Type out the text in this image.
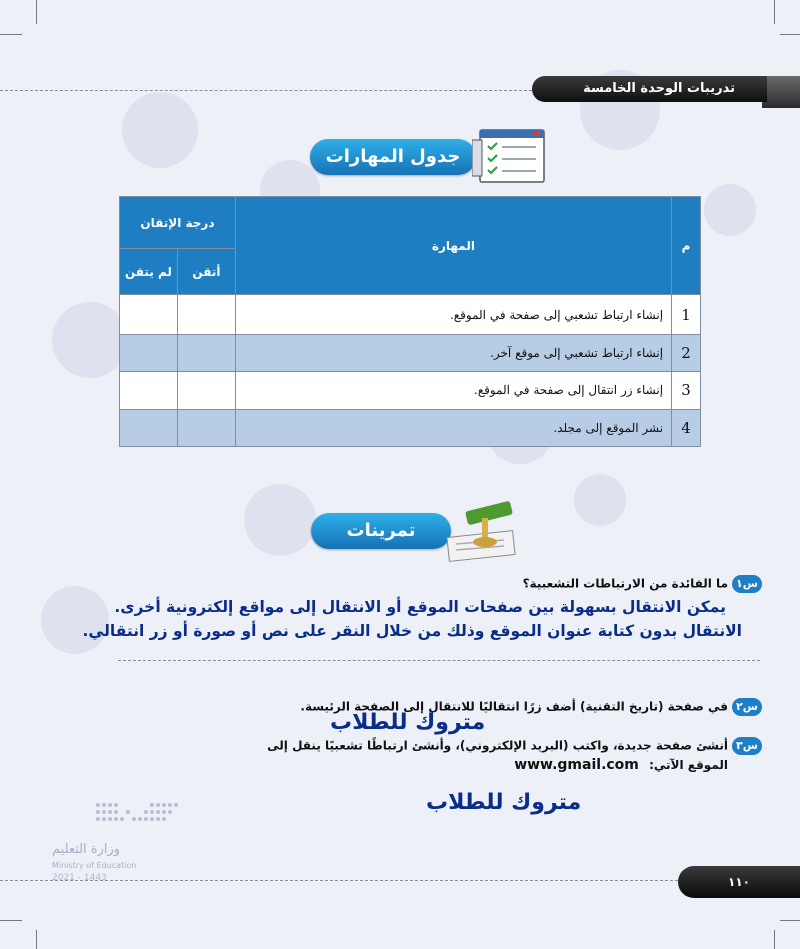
تدريبات الوحدة الخامسة
جدول المهارات
م	المهارة	درجة الإتقان	
		أتقن	لم يتقن
1	إنشاء ارتباط تشعبي إلى صفحة في الموقع.		
2	إنشاء ارتباط تشعبي إلى موقع آخر.		
3	إنشاء زر انتقال إلى صفحة في الموقع.		
4	نشر الموقع إلى مجلد.		
تمرينات
س١ما الفائدة من الارتباطات التشعبية؟
يمكن الانتقال بسهولة بين صفحات الموقع أو الانتقال إلى مواقع إلكترونية أخرى.
الانتقال بدون كتابة عنوان الموقع وذلك من خلال النقر على نص أو صورة أو زر انتقالي.
س٢في صفحة (تاريخ التقنية) أضف زرًا انتقاليًا للانتقال إلى الصفحة الرئيسة.
متروك للطلاب
س٣أنشئ صفحة جديدة، واكتب (البريد الإلكتروني)، وأنشئ ارتباطًا تشعبيًا ينقل إلى
الموقع الآتي: www.gmail.com
متروك للطلاب
وزارة التعليم
Ministry of Education
2021 - 1443	١١٠
